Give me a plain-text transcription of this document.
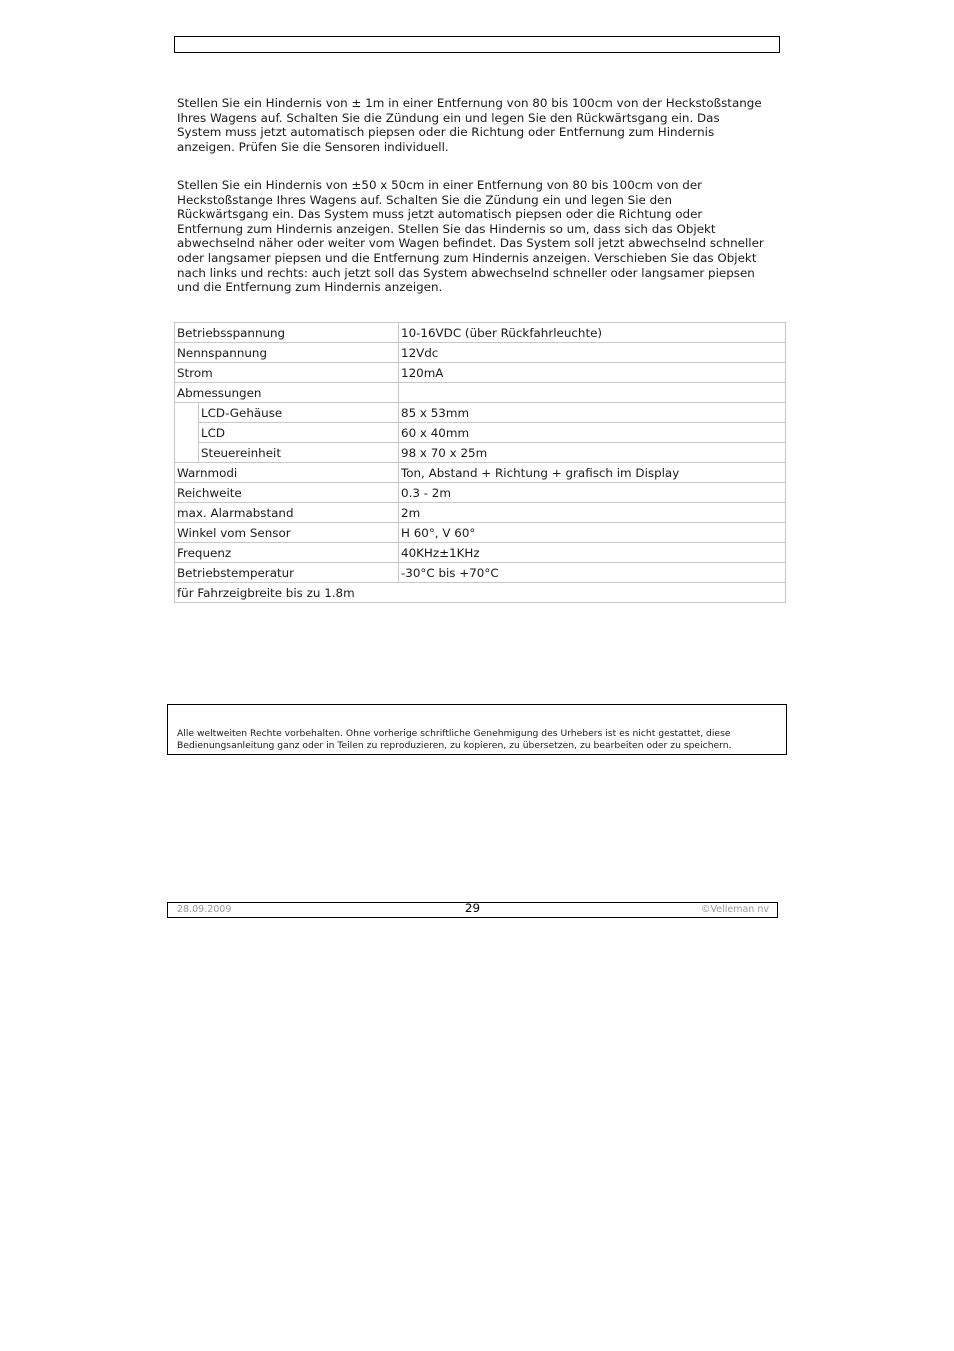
Stellen Sie ein Hindernis von ± 1m in einer Entfernung von 80 bis 100cm von der Heckstoßstange
Ihres Wagens auf. Schalten Sie die Zündung ein und legen Sie den Rückwärtsgang ein. Das
System muss jetzt automatisch piepsen oder die Richtung oder Entfernung zum Hindernis
anzeigen. Prüfen Sie die Sensoren individuell.

Stellen Sie ein Hindernis von ±50 x 50cm in einer Entfernung von 80 bis 100cm von der
Heckstoßstange Ihres Wagens auf. Schalten Sie die Zündung ein und legen Sie den
Rückwärtsgang ein. Das System muss jetzt automatisch piepsen oder die Richtung oder
Entfernung zum Hindernis anzeigen. Stellen Sie das Hindernis so um, dass sich das Objekt
abwechselnd näher oder weiter vom Wagen befindet. Das System soll jetzt abwechselnd schneller
oder langsamer piepsen und die Entfernung zum Hindernis anzeigen. Verschieben Sie das Objekt
nach links und rechts: auch jetzt soll das System abwechselnd schneller oder langsamer piepsen
und die Entfernung zum Hindernis anzeigen.

Betriebsspannung		10-16VDC (über Rückfahrleuchte)
Nennspannung		12Vdc
Strom		120mA
Abmessungen		
	LCD-Gehäuse	85 x 53mm
	LCD	60 x 40mm
	Steuereinheit	98 x 70 x 25m
Warnmodi		Ton, Abstand + Richtung + grafisch im Display
Reichweite		0.3 - 2m
max. Alarmabstand		2m
Winkel vom Sensor		H 60°, V 60°
Frequenz		40KHz±1KHz
Betriebstemperatur		-30°C bis +70°C
für Fahrzeigbreite bis zu 1.8m		

Alle weltweiten Rechte vorbehalten. Ohne vorherige schriftliche Genehmigung des Urhebers ist es nicht gestattet, diese
Bedienungsanleitung ganz oder in Teilen zu reproduzieren, zu kopieren, zu übersetzen, zu bearbeiten oder zu speichern.

28.09.2009	29	©Velleman nv
